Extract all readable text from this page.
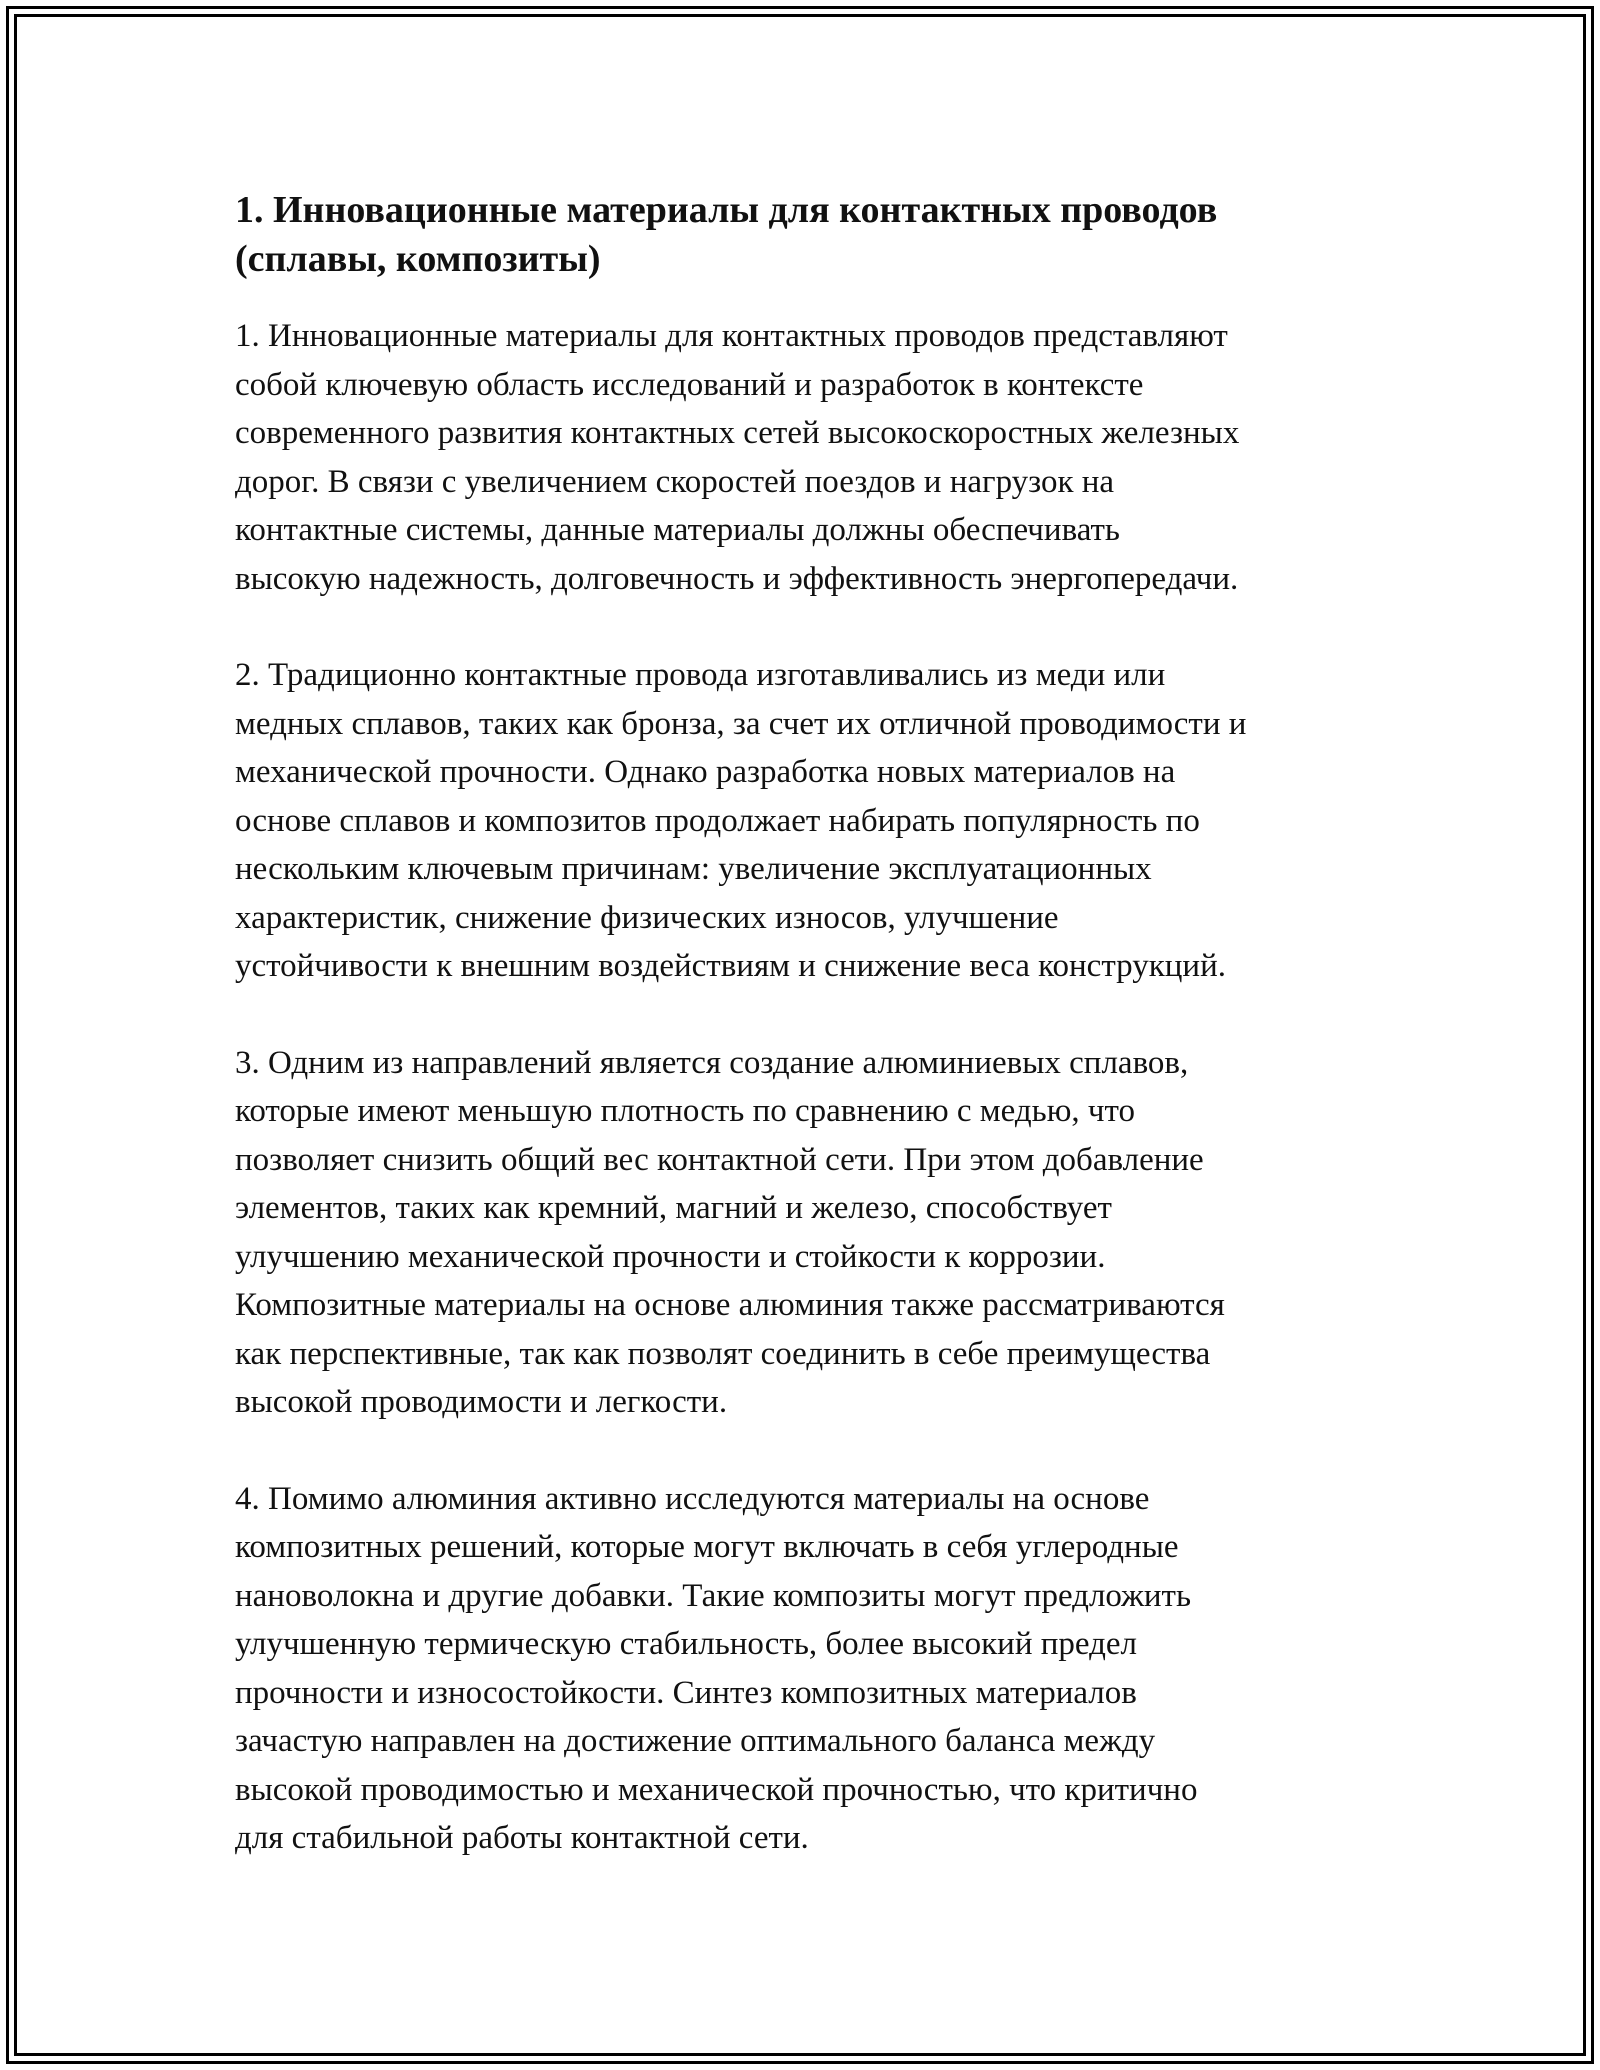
1. Инновационные материалы для контактных проводов
(сплавы, композиты)

1. Инновационные материалы для контактных проводов представляют
собой ключевую область исследований и разработок в контексте
современного развития контактных сетей высокоскоростных железных
дорог. В связи с увеличением скоростей поездов и нагрузок на
контактные системы, данные материалы должны обеспечивать
высокую надежность, долговечность и эффективность энергопередачи.

2. Традиционно контактные провода изготавливались из меди или
медных сплавов, таких как бронза, за счет их отличной проводимости и
механической прочности. Однако разработка новых материалов на
основе сплавов и композитов продолжает набирать популярность по
нескольким ключевым причинам: увеличение эксплуатационных
характеристик, снижение физических износов, улучшение
устойчивости к внешним воздействиям и снижение веса конструкций.

3. Одним из направлений является создание алюминиевых сплавов,
которые имеют меньшую плотность по сравнению с медью, что
позволяет снизить общий вес контактной сети. При этом добавление
элементов, таких как кремний, магний и железо, способствует
улучшению механической прочности и стойкости к коррозии.
Композитные материалы на основе алюминия также рассматриваются
как перспективные, так как позволят соединить в себе преимущества
высокой проводимости и легкости.

4. Помимо алюминия активно исследуются материалы на основе
композитных решений, которые могут включать в себя углеродные
нановолокна и другие добавки. Такие композиты могут предложить
улучшенную термическую стабильность, более высокий предел
прочности и износостойкости. Синтез композитных материалов
зачастую направлен на достижение оптимального баланса между
высокой проводимостью и механической прочностью, что критично
для стабильной работы контактной сети.
